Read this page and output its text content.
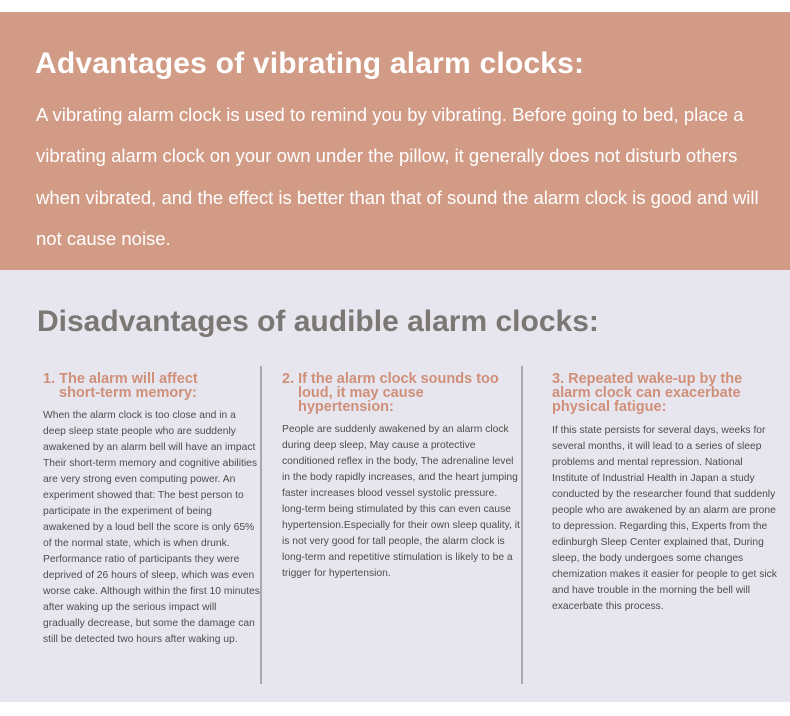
Advantages of vibrating alarm clocks:

A vibrating alarm clock is used to remind you by vibrating. Before going to bed, place a vibrating alarm clock on your own under the pillow, it generally does not disturb others when vibrated, and the effect is better than that of sound the alarm clock is good and will not cause noise.

Disadvantages of audible alarm clocks:
1. The alarm will affect
short-term memory:

When the alarm clock is too close and in a deep sleep state people who are suddenly awakened by an alarm bell will have an impact Their short-term memory and cognitive abilities are very strong even computing power. An experiment showed that: The best person to participate in the experiment of being awakened by a loud bell the score is only 65% of the normal state, which is when drunk. Performance ratio of participants they were deprived of 26 hours of sleep, which was even worse cake. Although within the first 10 minutes after waking up the serious impact will gradually decrease, but some the damage can still be detected two hours after waking up.

2. If the alarm clock sounds too
loud, it may cause hypertension:

People are suddenly awakened by an alarm clock during deep sleep, May cause a protective conditioned reflex in the body, The adrenaline level in the body rapidly increases, and the heart jumping faster increases blood vessel systolic pressure. long-term being stimulated by this can even cause hypertension.Especially for their own sleep quality, it is not very good for tall people, the alarm clock is long-term and repetitive stimulation is likely to be a trigger for hypertension.

3. Repeated wake-up by the
alarm clock can exacerbate
physical fatigue:

If this state persists for several days, weeks for several months, it will lead to a series of sleep problems and mental repression. National Institute of Industrial Health in Japan a study conducted by the researcher found that suddenly people who are awakened by an alarm are prone to depression. Regarding this, Experts from the edinburgh Sleep Center explained that, During sleep, the body undergoes some changes chemization makes it easier for people to get sick and have trouble in the morning the bell will exacerbate this process.
